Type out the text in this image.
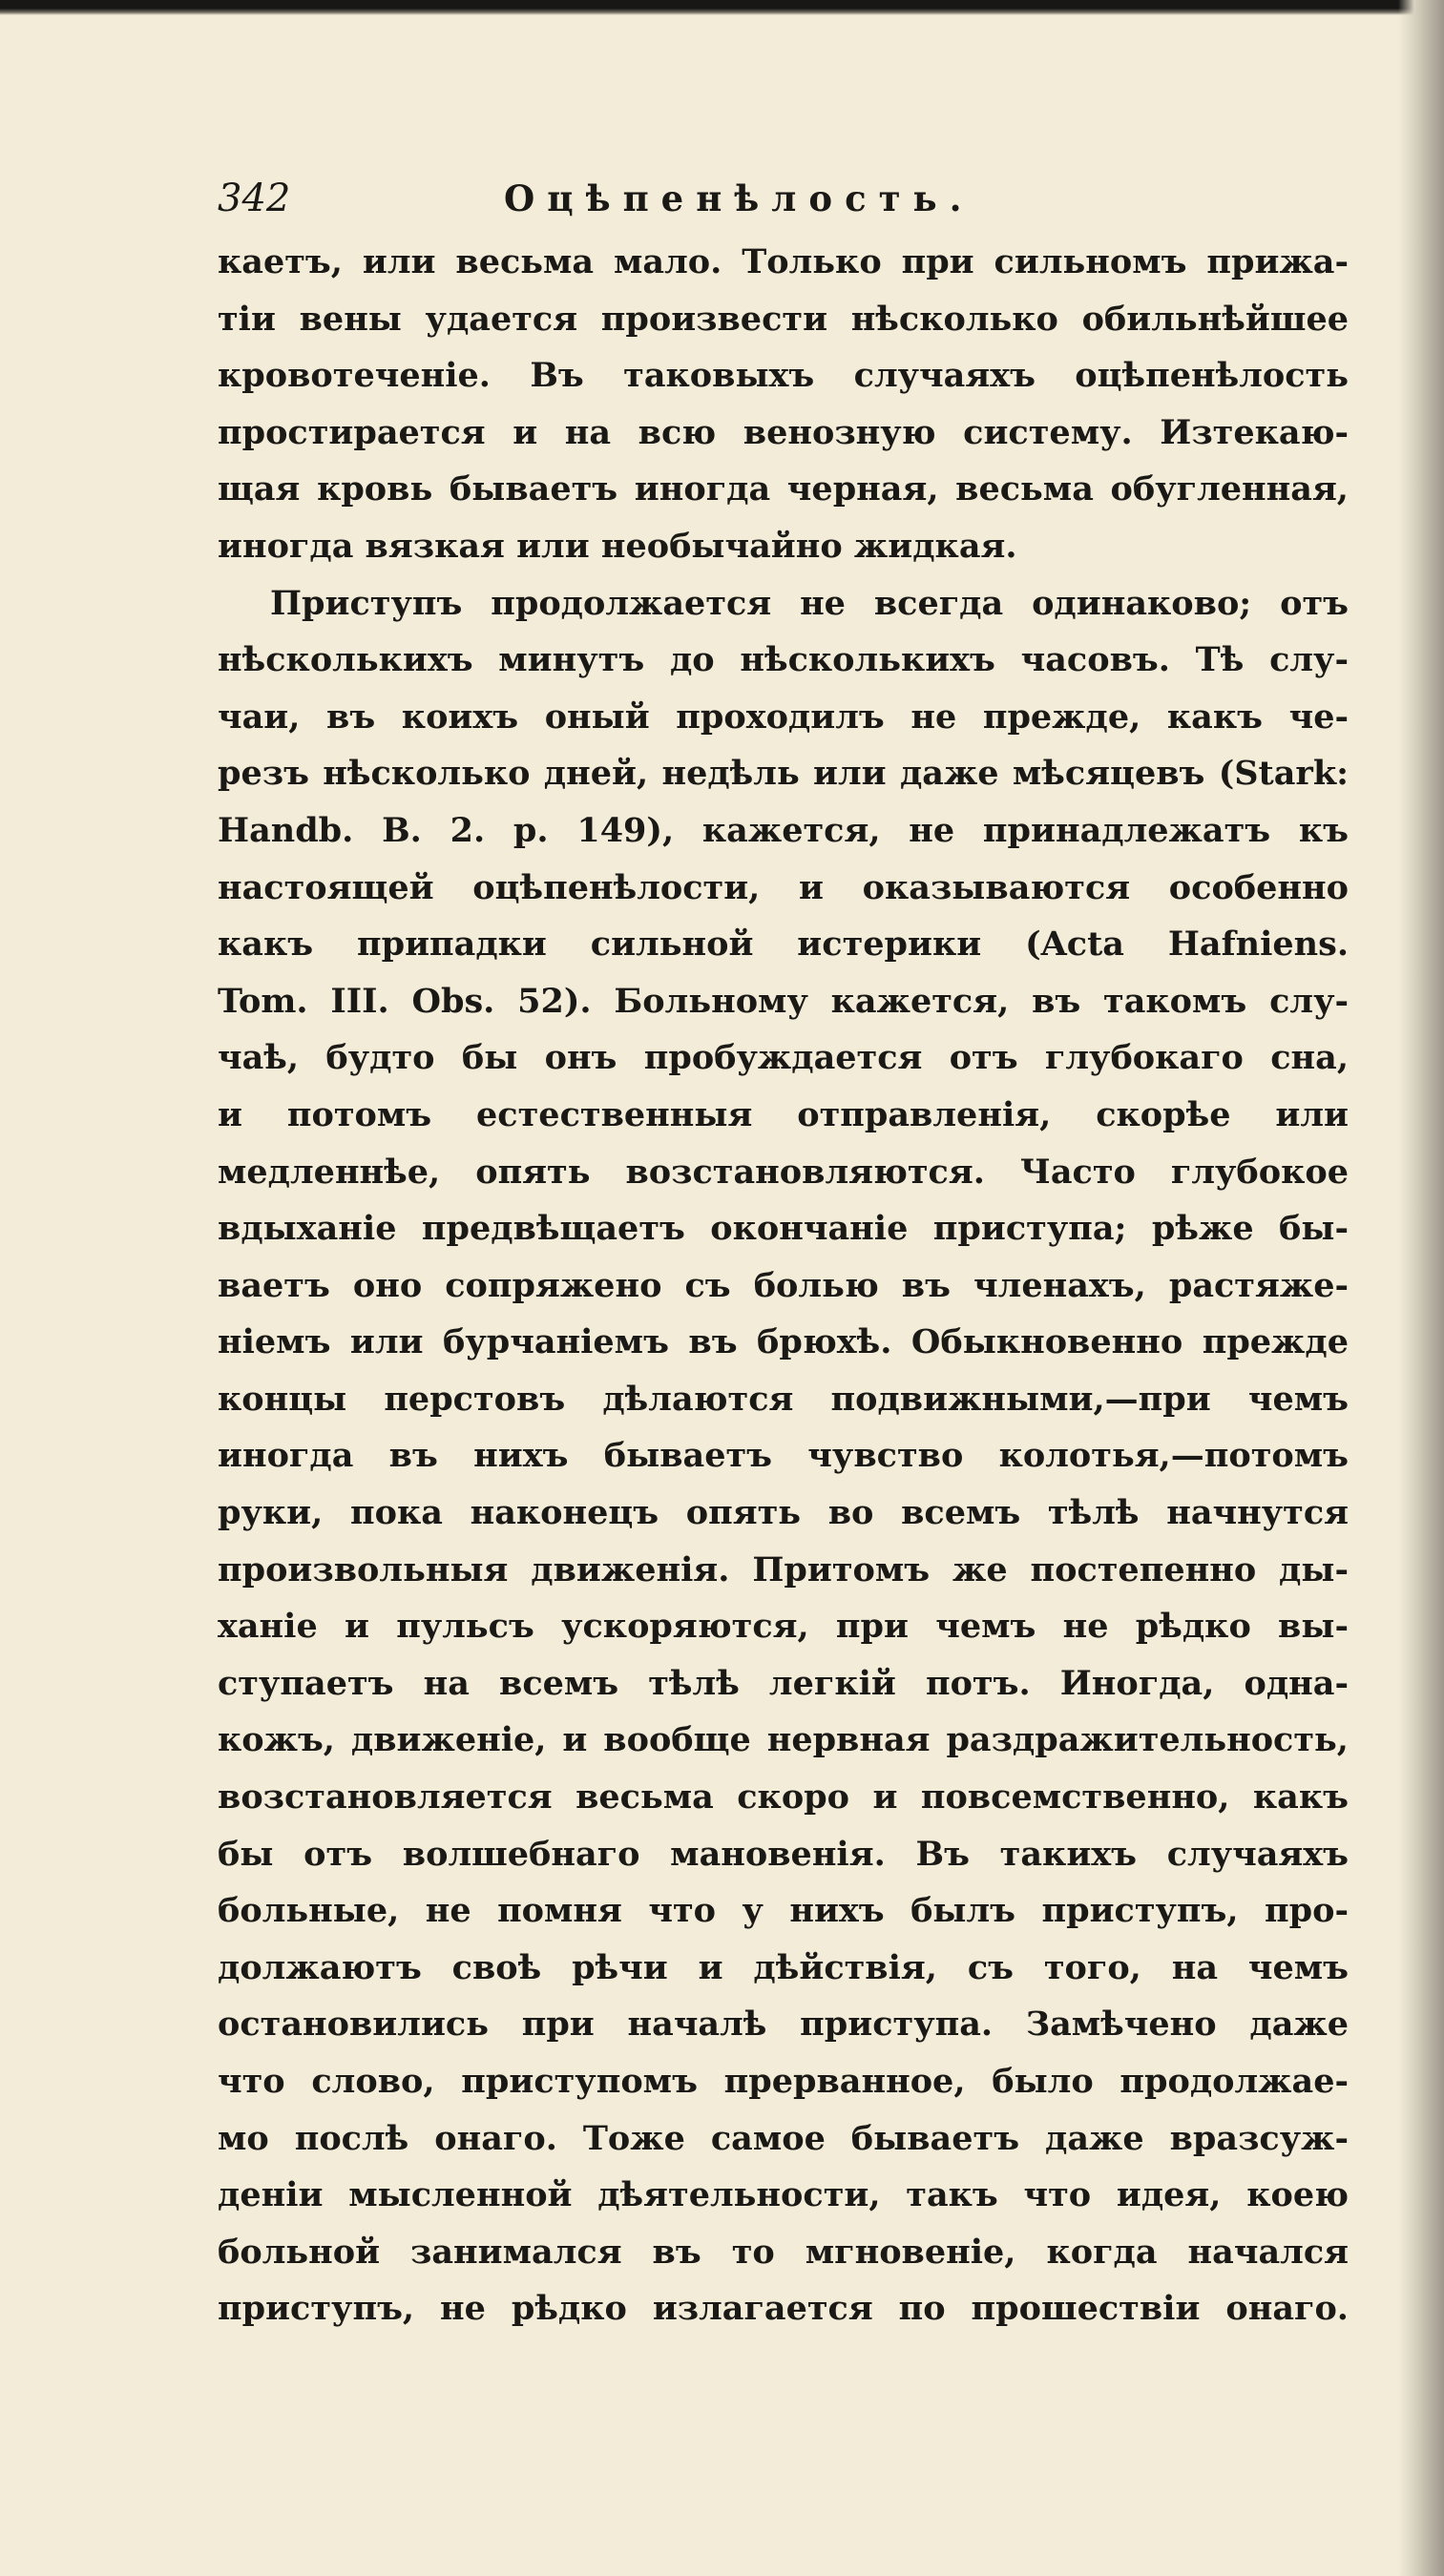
342	Оцѣпенѣлость.
каетъ, или весьма мало. Только при сильномъ прижа-
тіи вены удается произвести нѣсколько обильнѣйшее
кровотеченіе. Въ таковыхъ случаяхъ оцѣпенѣлость
простирается и на всю венозную систему. Изтекаю-
щая кровь бываетъ иногда черная, весьма обугленная,
иногда вязкая или необычайно жидкая.
Приступъ продолжается не всегда одинаково; отъ
нѣсколькихъ минутъ до нѣсколькихъ часовъ. Тѣ слу-
чаи, въ коихъ оный проходилъ не прежде, какъ че-
резъ нѣсколько дней, недѣль или даже мѣсяцевъ (Stark:
Handb. B. 2. p. 149), кажется, не принадлежатъ къ
настоящей оцѣпенѣлости, и оказываются особенно
какъ припадки сильной истерики (Acta Hafniens.
Tom. III. Obs. 52). Больному кажется, въ такомъ слу-
чаѣ, будто бы онъ пробуждается отъ глубокаго сна,
и потомъ естественныя отправленія, скорѣе или
медленнѣе, опять возстановляются. Часто глубокое
вдыханіе предвѣщаетъ окончаніе приступа; рѣже бы-
ваетъ оно сопряжено съ болью въ членахъ, растяже-
ніемъ или бурчаніемъ въ брюхѣ. Обыкновенно прежде
концы перстовъ дѣлаются подвижными,—при чемъ
иногда въ нихъ бываетъ чувство колотья,—потомъ
руки, пока наконецъ опять во всемъ тѣлѣ начнутся
произвольныя движенія. Притомъ же постепенно ды-
ханіе и пульсъ ускоряются, при чемъ не рѣдко вы-
ступаетъ на всемъ тѣлѣ легкій потъ. Иногда, одна-
кожъ, движеніе, и вообще нервная раздражительность,
возстановляется весьма скоро и повсемственно, какъ
бы отъ волшебнаго мановенія. Въ такихъ случаяхъ
больные, не помня что у нихъ былъ приступъ, про-
должаютъ своѣ рѣчи и дѣйствія, съ того, на чемъ
остановились при началѣ приступа. Замѣчено даже
что слово, приступомъ прерванное, было продолжае-
мо послѣ онаго. Тоже самое бываетъ даже вразсуж-
деніи мысленной дѣятельности, такъ что идея, коею
больной занимался въ то мгновеніе, когда начался
приступъ, не рѣдко излагается по прошествіи онаго.
